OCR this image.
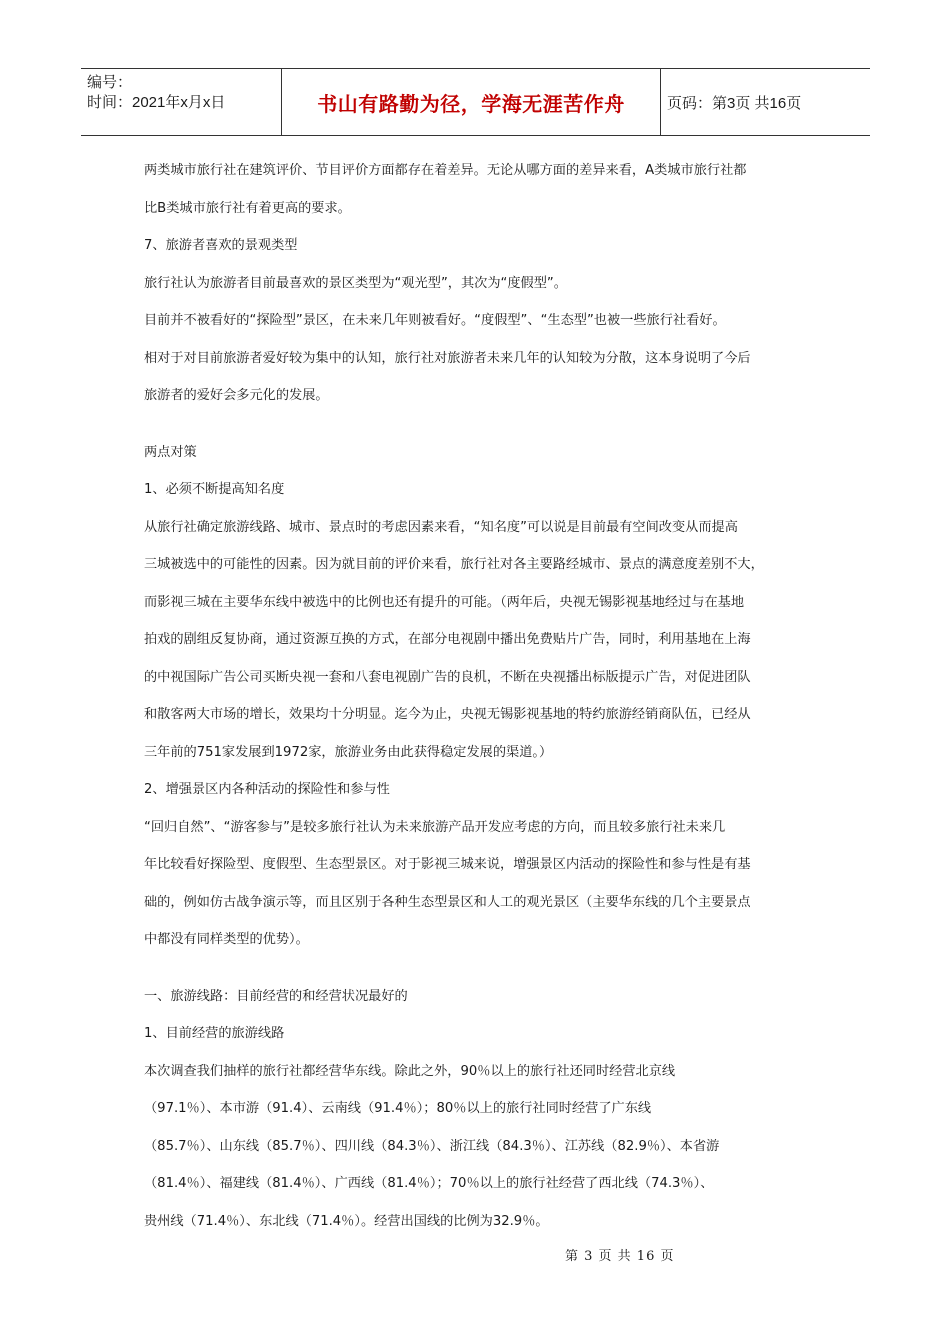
编号：
时间：2021年x月x日	书山有路勤为径，学海无涯苦作舟	页码：第3页 共16页

两类城市旅行社在建筑评价、节目评价方面都存在着差异。无论从哪方面的差异来看，A类城市旅行社都

比B类城市旅行社有着更高的要求。

7、旅游者喜欢的景观类型

旅行社认为旅游者目前最喜欢的景区类型为“观光型”，其次为“度假型”。

目前并不被看好的“探险型”景区，在未来几年则被看好。“度假型”、“生态型”也被一些旅行社看好。

相对于对目前旅游者爱好较为集中的认知，旅行社对旅游者未来几年的认知较为分散，这本身说明了今后

旅游者的爱好会多元化的发展。

两点对策

1、必须不断提高知名度

从旅行社确定旅游线路、城市、景点时的考虑因素来看，“知名度”可以说是目前最有空间改变从而提高

三城被选中的可能性的因素。因为就目前的评价来看，旅行社对各主要路经城市、景点的满意度差别不大，

而影视三城在主要华东线中被选中的比例也还有提升的可能。（两年后，央视无锡影视基地经过与在基地

拍戏的剧组反复协商，通过资源互换的方式，在部分电视剧中播出免费贴片广告，同时，利用基地在上海

的中视国际广告公司买断央视一套和八套电视剧广告的良机，不断在央视播出标版提示广告，对促进团队

和散客两大市场的增长，效果均十分明显。迄今为止，央视无锡影视基地的特约旅游经销商队伍，已经从

三年前的751家发展到1972家，旅游业务由此获得稳定发展的渠道。）

2、增强景区内各种活动的探险性和参与性

“回归自然”、“游客参与”是较多旅行社认为未来旅游产品开发应考虑的方向，而且较多旅行社未来几

年比较看好探险型、度假型、生态型景区。对于影视三城来说，增强景区内活动的探险性和参与性是有基

础的，例如仿古战争演示等，而且区别于各种生态型景区和人工的观光景区（主要华东线的几个主要景点

中都没有同样类型的优势）。

一、旅游线路：目前经营的和经营状况最好的

1、目前经营的旅游线路

本次调查我们抽样的旅行社都经营华东线。除此之外，90％以上的旅行社还同时经营北京线

（97.1％）、本市游（91.4）、云南线（91.4％）；80％以上的旅行社同时经营了广东线

（85.7％）、山东线（85.7％）、四川线（84.3％）、浙江线（84.3％）、江苏线（82.9％）、本省游

（81.4％）、福建线（81.4％）、广西线（81.4％）；70％以上的旅行社经营了西北线（74.3％）、

贵州线（71.4％）、东北线（71.4％）。经营出国线的比例为32.9％。

第 3 页 共 16 页
